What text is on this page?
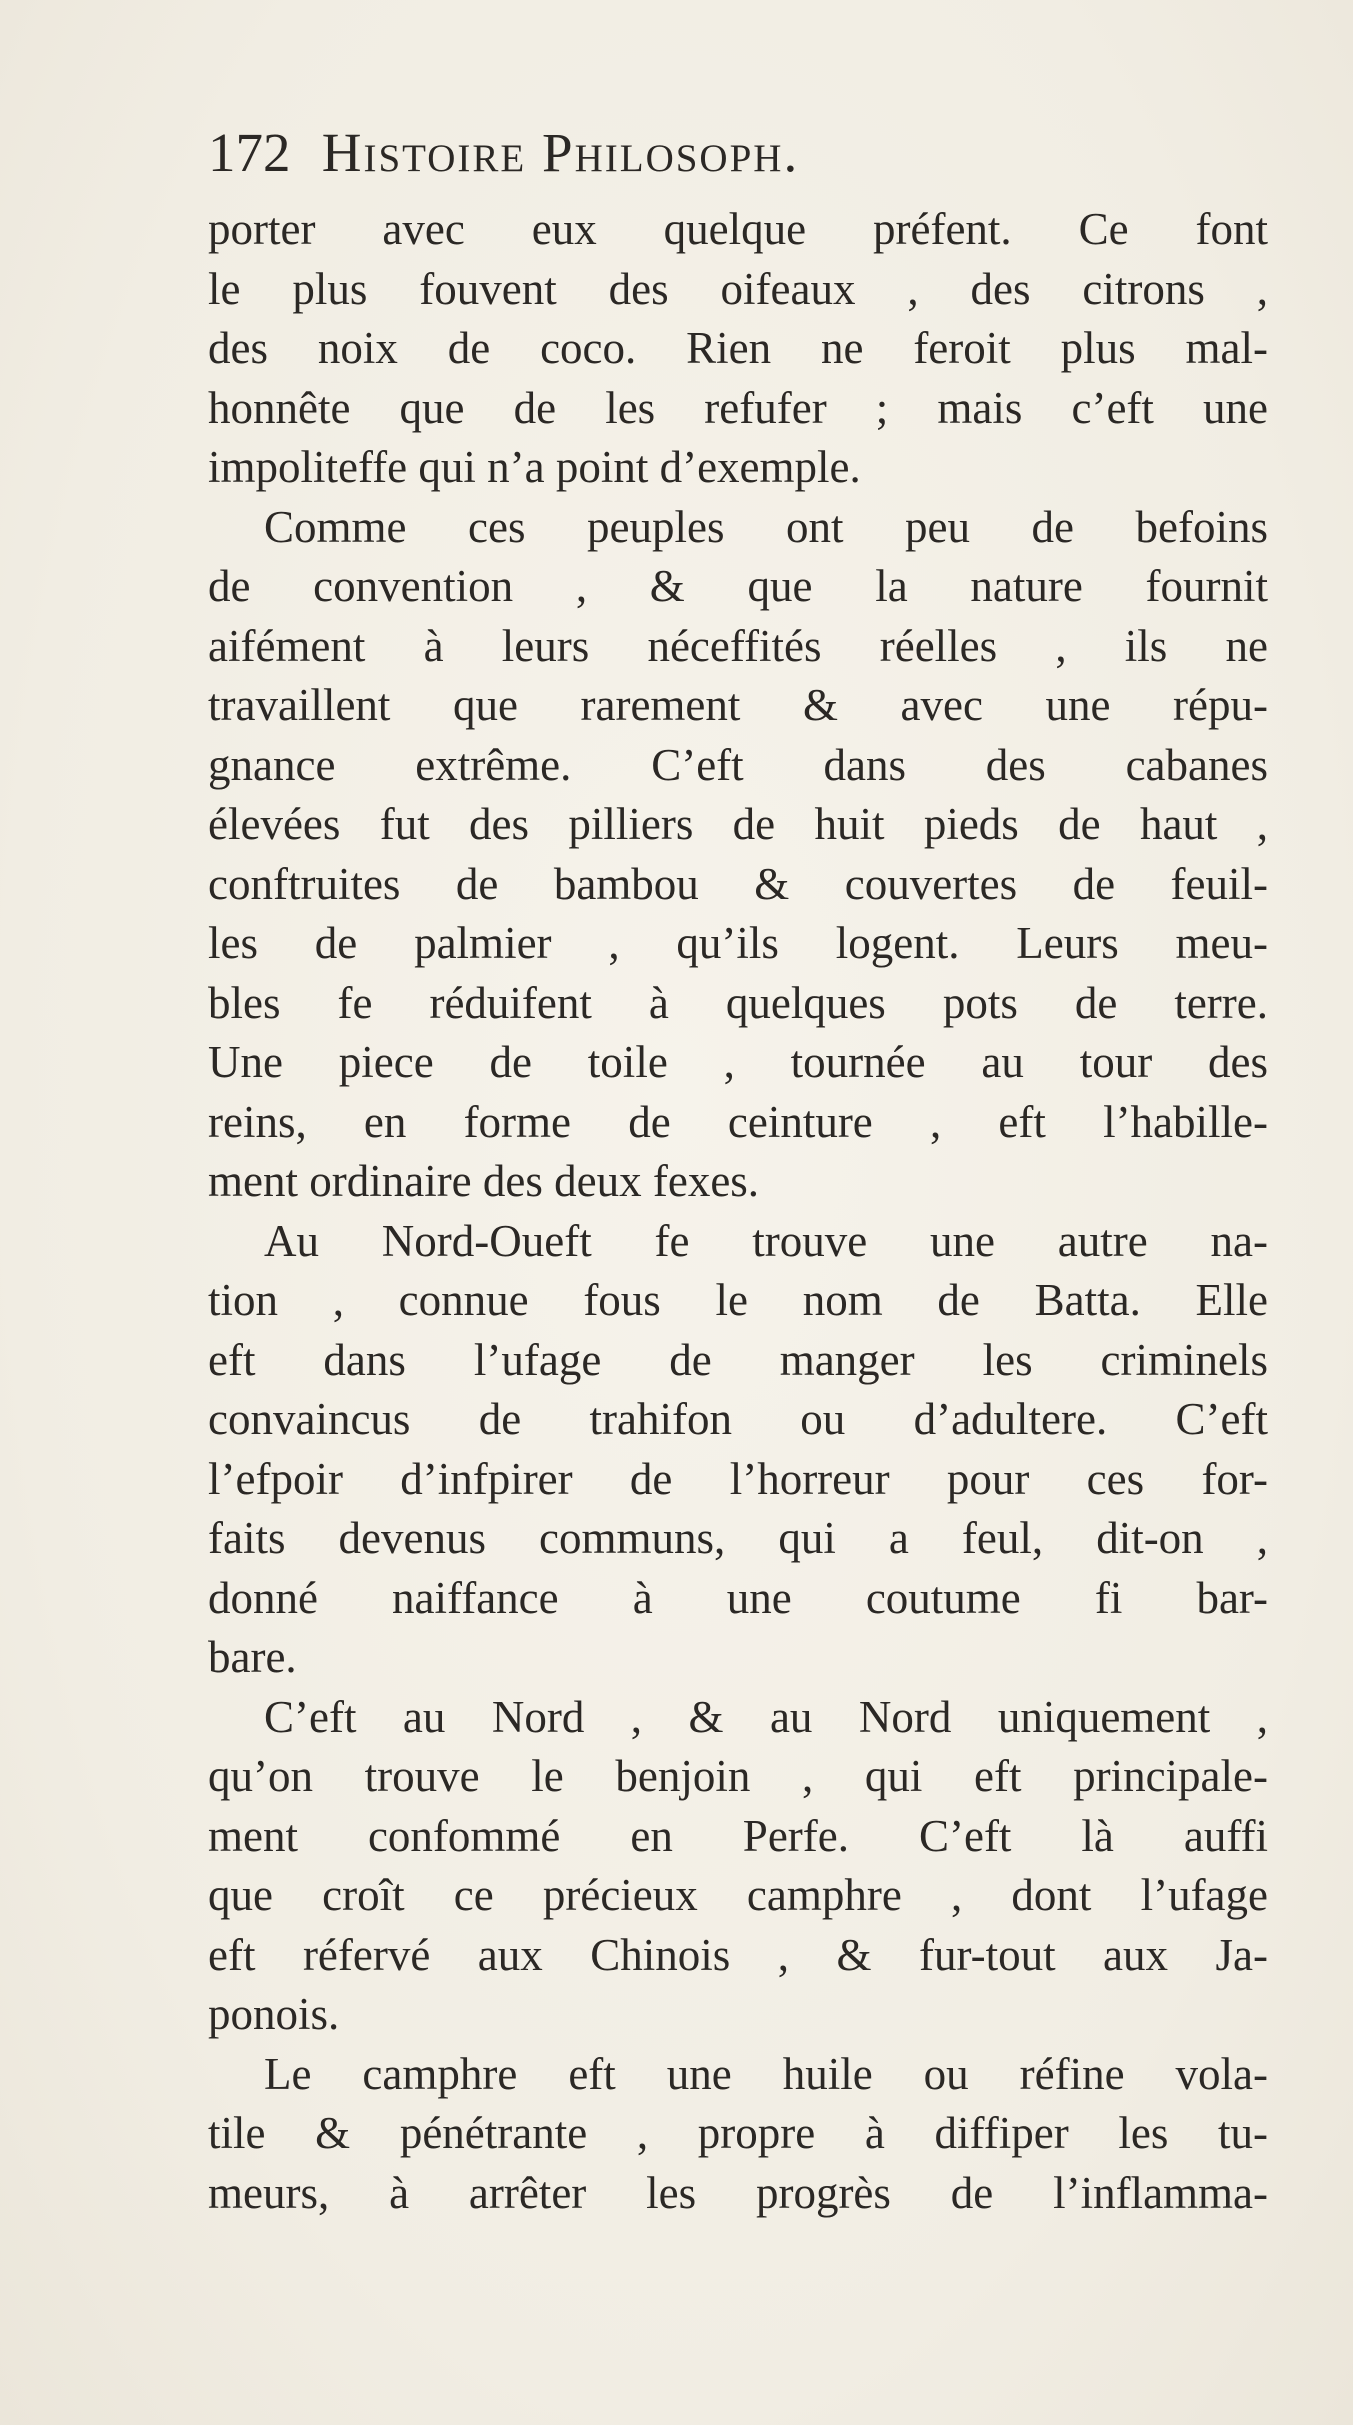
172 Histoire Philosoph.
porter avec eux quelque préfent. Ce font
le plus fouvent des oifeaux , des citrons ,
des noix de coco. Rien ne feroit plus mal-
honnête que de les refufer ; mais c’eft une
impoliteffe qui n’a point d’exemple.
Comme ces peuples ont peu de befoins
de convention , & que la nature fournit
aifément à leurs néceffités réelles , ils ne
travaillent que rarement & avec une répu-
gnance extrême. C’eft dans des cabanes
élevées fut des pilliers de huit pieds de haut ,
conftruites de bambou & couvertes de feuil-
les de palmier , qu’ils logent. Leurs meu-
bles fe réduifent à quelques pots de terre.
Une piece de toile , tournée au tour des
reins, en forme de ceinture , eft l’habille-
ment ordinaire des deux fexes.
Au Nord-Oueft fe trouve une autre na-
tion , connue fous le nom de Batta. Elle
eft dans l’ufage de manger les criminels
convaincus de trahifon ou d’adultere. C’eft
l’efpoir d’infpirer de l’horreur pour ces for-
faits devenus communs, qui a feul, dit-on ,
donné naiffance à une coutume fi bar-
bare.
C’eft au Nord , & au Nord uniquement ,
qu’on trouve le benjoin , qui eft principale-
ment confommé en Perfe. C’eft là auffi
que croît ce précieux camphre , dont l’ufage
eft réfervé aux Chinois , & fur-tout aux Ja-
ponois.
Le camphre eft une huile ou réfine vola-
tile & pénétrante , propre à diffiper les tu-
meurs, à arrêter les progrès de l’inflamma-
